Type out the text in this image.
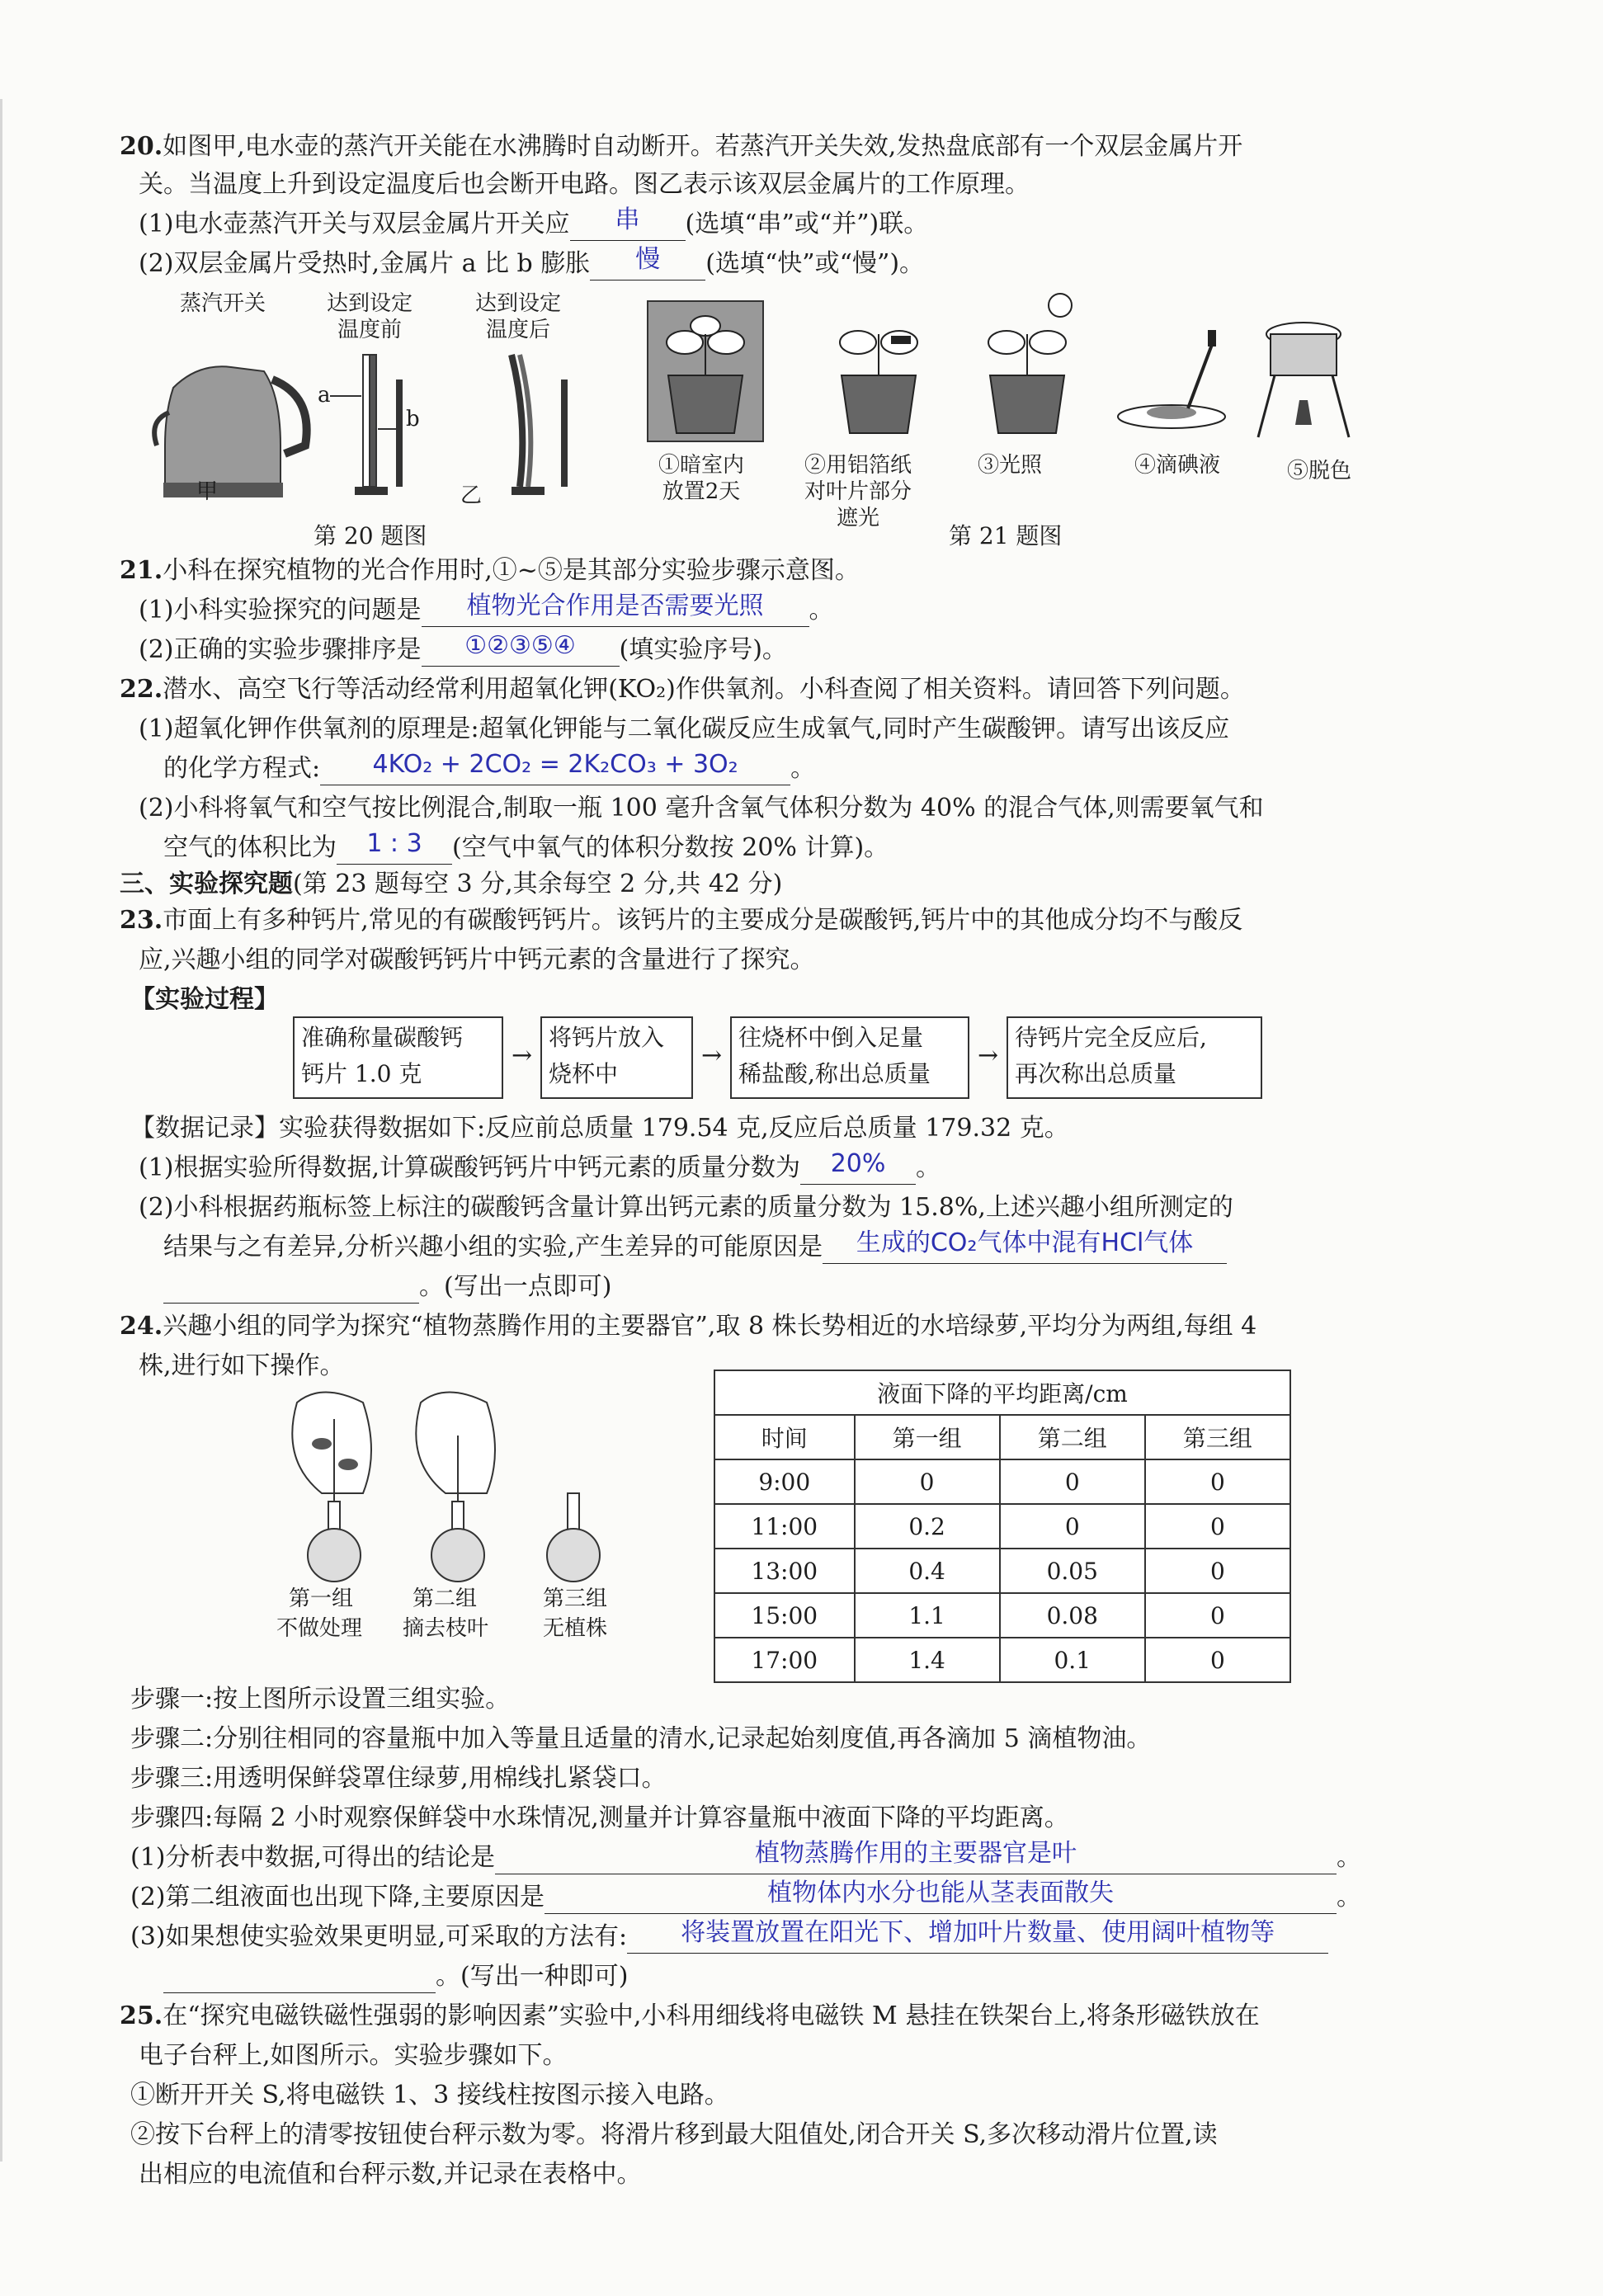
20.如图甲,电水壶的蒸汽开关能在水沸腾时自动断开。若蒸汽开关失效,发热盘底部有一个双层金属片开
关。当温度上升到设定温度后也会断开电路。图乙表示该双层金属片的工作原理。
(1)电水壶蒸汽开关与双层金属片开关应	串	(选填“串”或“并”)联。
(2)双层金属片受热时,金属片 a 比 b 膨胀	慢	(选填“快”或“慢”)。
蒸汽开关	达到设定温度前
达到设定温度后
a
b
甲	乙
第 20 题图
①暗室内放置2天
②用铝箔纸对叶片部分遮光
③光照	④滴碘液	⑤脱色
第 21 题图
21.小科在探究植物的光合作用时,①~⑤是其部分实验步骤示意图。
(1)小科实验探究的问题是	植物光合作用是否需要光照	。
(2)正确的实验步骤排序是	①②③⑤④	(填实验序号)。
22.潜水、高空飞行等活动经常利用超氧化钾(KO₂)作供氧剂。小科查阅了相关资料。请回答下列问题。
(1)超氧化钾作供氧剂的原理是:超氧化钾能与二氧化碳反应生成氧气,同时产生碳酸钾。请写出该反应
的化学方程式:	4KO₂ + 2CO₂ = 2K₂CO₃ + 3O₂	。
(2)小科将氧气和空气按比例混合,制取一瓶 100 毫升含氧气体积分数为 40% 的混合气体,则需要氧气和
空气的体积比为	1 : 3	(空气中氧气的体积分数按 20% 计算)。
三、实验探究题(第 23 题每空 3 分,其余每空 2 分,共 42 分)
23.市面上有多种钙片,常见的有碳酸钙钙片。该钙片的主要成分是碳酸钙,钙片中的其他成分均不与酸反
应,兴趣小组的同学对碳酸钙钙片中钙元素的含量进行了探究。
【实验过程】
准确称量碳酸钙
钙片 1.0 克
→
将钙片放入
烧杯中
→
往烧杯中倒入足量
稀盐酸,称出总质量
→
待钙片完全反应后,
再次称出总质量
【数据记录】实验获得数据如下:反应前总质量 179.54 克,反应后总质量 179.32 克。
(1)根据实验所得数据,计算碳酸钙钙片中钙元素的质量分数为	20%	。
(2)小科根据药瓶标签上标注的碳酸钙含量计算出钙元素的质量分数为 15.8%,上述兴趣小组所测定的
结果与之有差异,分析兴趣小组的实验,产生差异的可能原因是	生成的CO₂气体中混有HCl气体
。(写出一点即可)
24.兴趣小组的同学为探究“植物蒸腾作用的主要器官”,取 8 株长势相近的水培绿萝,平均分为两组,每组 4
株,进行如下操作。
第一组
不做处理
第二组
摘去枝叶
第三组
无植株
液面下降的平均距离/cm			
时间	第一组	第二组	第三组
9:00	0	0	0
11:00	0.2	0	0
13:00	0.4	0.05	0
15:00	1.1	0.08	0
17:00	1.4	0.1	0
步骤一:按上图所示设置三组实验。
步骤二:分别往相同的容量瓶中加入等量且适量的清水,记录起始刻度值,再各滴加 5 滴植物油。
步骤三:用透明保鲜袋罩住绿萝,用棉线扎紧袋口。
步骤四:每隔 2 小时观察保鲜袋中水珠情况,测量并计算容量瓶中液面下降的平均距离。
(1)分析表中数据,可得出的结论是	植物蒸腾作用的主要器官是叶	。
(2)第二组液面也出现下降,主要原因是	植物体内水分也能从茎表面散失	。
(3)如果想使实验效果更明显,可采取的方法有:	将装置放置在阳光下、增加叶片数量、使用阔叶植物等
。(写出一种即可)
25.在“探究电磁铁磁性强弱的影响因素”实验中,小科用细线将电磁铁 M 悬挂在铁架台上,将条形磁铁放在
电子台秤上,如图所示。实验步骤如下。
①断开开关 S,将电磁铁 1、3 接线柱按图示接入电路。
②按下台秤上的清零按钮使台秤示数为零。将滑片移到最大阻值处,闭合开关 S,多次移动滑片位置,读
出相应的电流值和台秤示数,并记录在表格中。
